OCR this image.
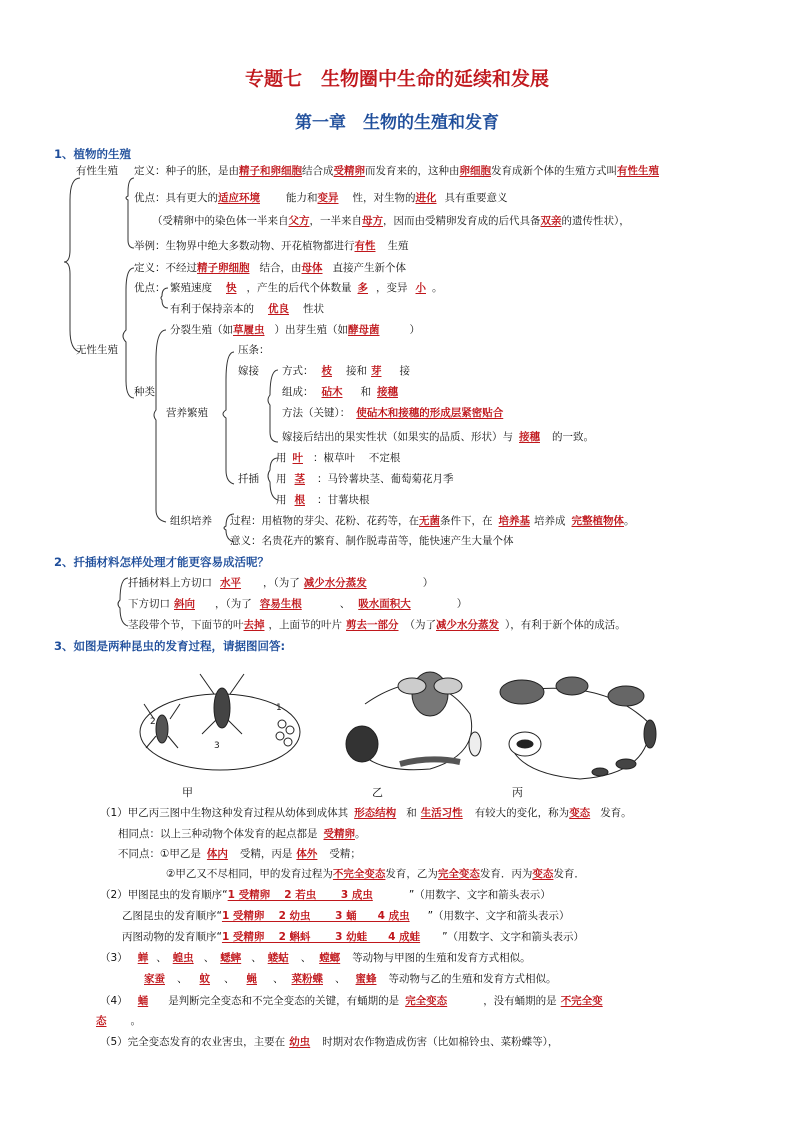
专题七　生物圈中生命的延续和发展
第一章　生物的生殖和发育
1、植物的生殖
有性生殖 定义：种子的胚，是由精子和卵细胞结合成受精卵而发育来的，这种由卵细胞发育成新个体的生殖方式叫有性生殖
优点：具有更大的适应环境 能力和变异 性，对生物的进化 具有重要意义
（受精卵中的染色体一半来自父方，一半来自母方，因而由受精卵发育成的后代具备双亲的遗传性状），
举例：生物界中绝大多数动物、开花植物都进行有性 生殖
无性生殖
定义：不经过精子卵细胞 结合，由母体 直接产生新个体
优点： 繁殖速度 快 ，产生的后代个体数量 多 ，变异 小 。
有利于保持亲本的 优良 性状
种类
分裂生殖（如草履虫 ）出芽生殖（如酵母菌	）
营养繁殖
压条：
嫁接 方式： 枝 接和 芽 接
组成： 砧木 和 接穗
方法（关键）： 使砧木和接穗的形成层紧密贴合
嫁接后结出的果实性状（如果实的品质、形状）与 接穗 的一致。
扦插
用 叶 ：椒草叶　 不定根
用 茎 ：马铃薯块茎、葡萄菊花月季
用 根 ：甘薯块根
组织培养 过程：用植物的芽尖、花粉、花药等，在无菌条件下，在 培养基 培养成 完整植物体。
意义：名贵花卉的繁育、制作脱毒苗等，能快速产生大量个体
2、扦插材料怎样处理才能更容易成活呢？
扦插材料上方切口 水平 ，（为了 减少水分蒸发	）
下方切口 斜向 ，（为了 容易生根	、 吸水面积大	）
茎段带个节，下面节的叶去掉 ，上面节的叶片 剪去一部分 （为了减少水分蒸发 ），有利于新个体的成活。
3、如图是两种昆虫的发育过程，请据图回答:
2
3
1
甲	乙	丙
（1）甲乙丙三图中生物这种发育过程从幼体到成体其 形态结构 和 生活习性 有较大的变化，称为变态 发育。
相同点：以上三种动物个体发育的起点都是 受精卵。
不同点：①甲乙是 体内 受精，丙是 体外 受精；
②甲乙又不尽相同，甲的发育过程为不完全变态发育，乙为完全变态发育．丙为变态发育．
（2）甲图昆虫的发育顺序“1 受精卵　 2 若虫　　 3 成虫	”（用数字、文字和箭头表示）
乙图昆虫的发育顺序“1 受精卵　 2 幼虫　　 3 蛹　　4 成虫 ”（用数字、文字和箭头表示）
丙图动物的发育顺序“1 受精卵　 2 蝌蚪　　 3 幼蛙　　4 成蛙 ”（用数字、文字和箭头表示）
（3） 蝉 、 蝗虫 、 蟋蟀 、 蝼蛄 、 螳螂 等动物与甲图的生殖和发育方式相似。
家蚕 、 蚊 、 蝇 、 菜粉蝶 、 蜜蜂 等动物与乙的生殖和发育方式相似。
（4） 蛹 是判断完全变态和不完全变态的关键，有蛹期的是 完全变态	，没有蛹期的是 不完全变
态 。
（5）完全变态发育的农业害虫，主要在 幼虫 时期对农作物造成伤害（比如棉铃虫、菜粉蝶等），
